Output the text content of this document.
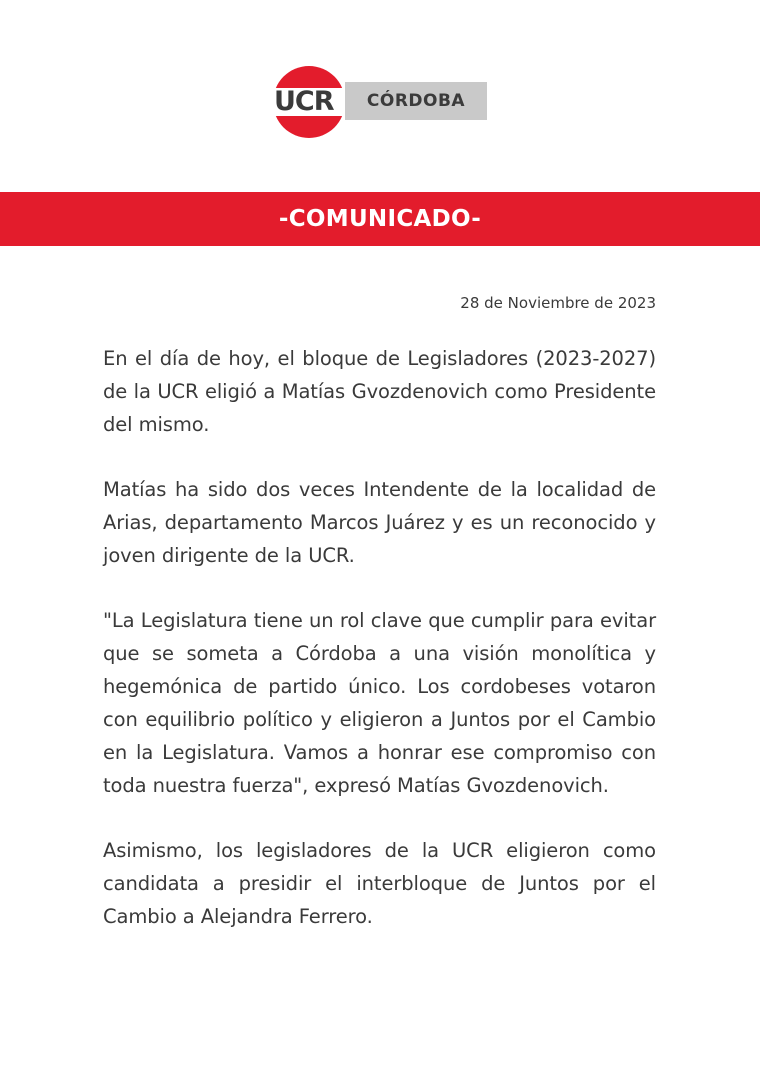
UCR	CÓRDOBA
-COMUNICADO-
28 de Noviembre de 2023

En el día de hoy, el bloque de Legisladores (2023-2027) de la UCR eligió a Matías Gvozdenovich como Presidente del mismo.

Matías ha sido dos veces Intendente de la localidad de Arias, departamento Marcos Juárez y es un reconocido y joven dirigente de la UCR.

"La Legislatura tiene un rol clave que cumplir para evitar que se someta a Córdoba a una visión monolítica y hegemónica de partido único. Los cordobeses votaron con equilibrio político y eligieron a Juntos por el Cambio en la Legislatura. Vamos a honrar ese compromiso con toda nuestra fuerza", expresó Matías Gvozdenovich.

Asimismo, los legisladores de la UCR eligieron como candidata a presidir el interbloque de Juntos por el Cambio a Alejandra Ferrero.
